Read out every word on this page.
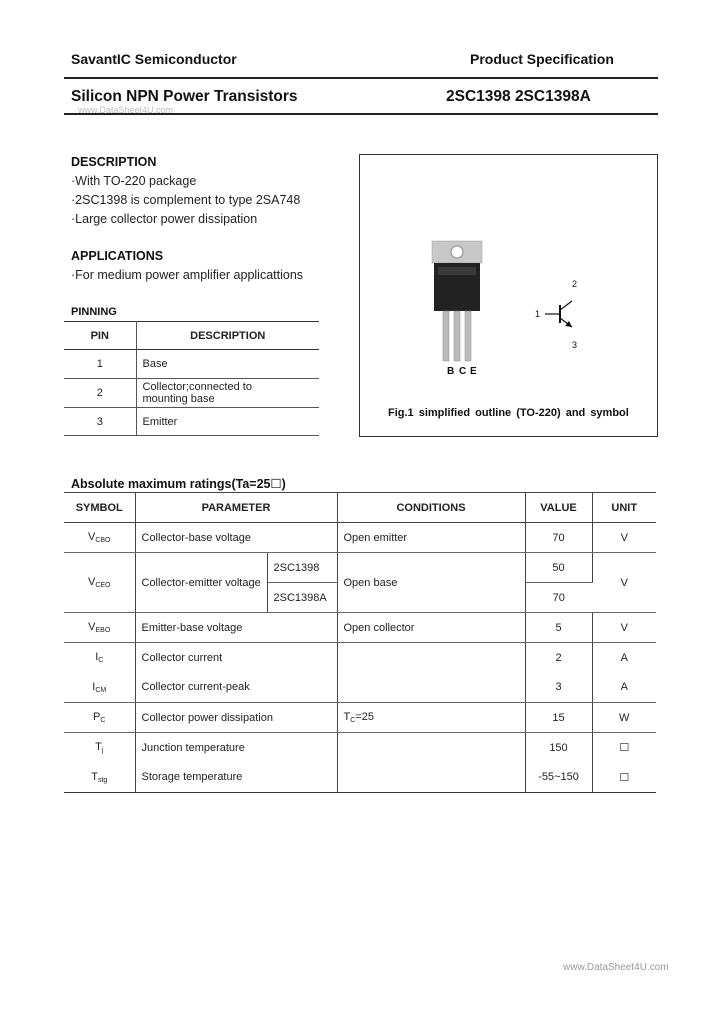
SavantIC Semiconductor	Product Specification
Silicon NPN Power Transistors	2SC1398 2SC1398A
www.DataSheet4U.com
DESCRIPTION
·With TO-220 package
·2SC1398 is complement to type 2SA748
·Large collector power dissipation
APPLICATIONS
·For medium power amplifier applicattions
PINNING
PIN	DESCRIPTION
1	Base
2	Collector;connected to
mounting base
3	Emitter
B C E
1
2
3
Fig.1 simplified outline (TO-220) and symbol
Absolute maximum ratings(Ta=25☐)
SYMBOL	PARAMETER		CONDITIONS	VALUE	UNIT
$V_{CBO}$	Collector-base voltage		Open emitter	70	V
$V_{CEO}$	Collector-emitter voltage	2SC1398	Open base	50	V
		2SC1398A		70	
$V_{EBO}$	Emitter-base voltage		Open collector	5	V
$I_C$	Collector current			2	A
$I_{CM}$	Collector current-peak			3	A
$P_C$	Collector power dissipation		$T_C=25$	15	W
$T_j$	Junction temperature			150	☐
$T_{stg}$	Storage temperature			-55~150	☐
www.DataSheet4U.com
